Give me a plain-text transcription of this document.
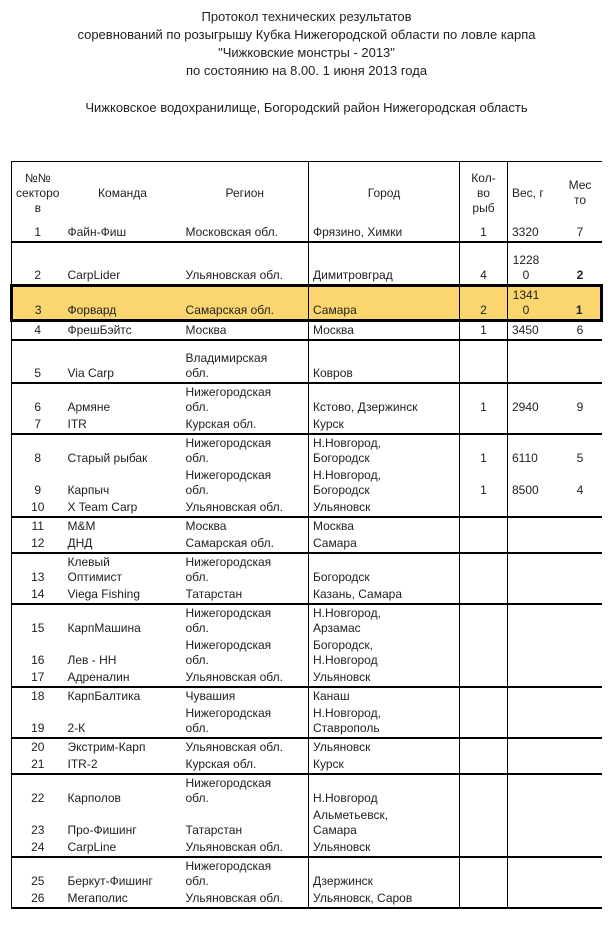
Протокол технических результатов
соревнований по розыгрышу Кубка Нижегородской области по ловле карпа
"Чижковские монстры - 2013"
по состоянию на 8.00. 1 июня 2013 года
Чижковское водохранилище, Богородский район Нижегородская область
№№ секторов	Команда	Регион	Город	Кол-во рыб	Вес, г	Место
1	Файн-Фиш	Московская обл.	Фрязино, Химки	1	3320	7
2	CarpLider	Ульяновская обл.	Димитровград	4	12280	2
3	Форвард	Самарская обл.	Самара	2	13410	1
4	ФрешБэйтс	Москва	Москва	1	3450	6
5	Via Carp	Владимирская обл.	Ковров			
6	Армяне	Нижегородская обл.	Кстово, Дзержинск	1	2940	9
7	ITR	Курская обл.	Курск			
8	Старый рыбак	Нижегородская обл.	Н.Новгород, Богородск	1	6110	5
9	Карпыч	Нижегородская обл.	Н.Новгород, Богородск	1	8500	4
10	X Team Carp	Ульяновская обл.	Ульяновск			
11	M&M	Москва	Москва			
12	ДНД	Самарская обл.	Самара			
13	Клевый Оптимист	Нижегородская обл.	Богородск			
14	Viega Fishing	Татарстан	Казань, Самара			
15	КарпМашина	Нижегородская обл.	Н.Новгород, Арзамас			
16	Лев - НН	Нижегородская обл.	Богородск, Н.Новгород			
17	Адреналин	Ульяновская обл.	Ульяновск			
18	КарпБалтика	Чувашия	Канаш			
19	2-К	Нижегородская обл.	Н.Новгород, Ставрополь			
20	Экстрим-Карп	Ульяновская обл.	Ульяновск			
21	ITR-2	Курская обл.	Курск			
22	Карполов	Нижегородская обл.	Н.Новгород			
23	Про-Фишинг	Татарстан	Альметьевск, Самара			
24	CarpLine	Ульяновская обл.	Ульяновск			
25	Беркут-Фишинг	Нижегородская обл.	Дзержинск			
26	Мегаполис	Ульяновская обл.	Ульяновск, Саров			
